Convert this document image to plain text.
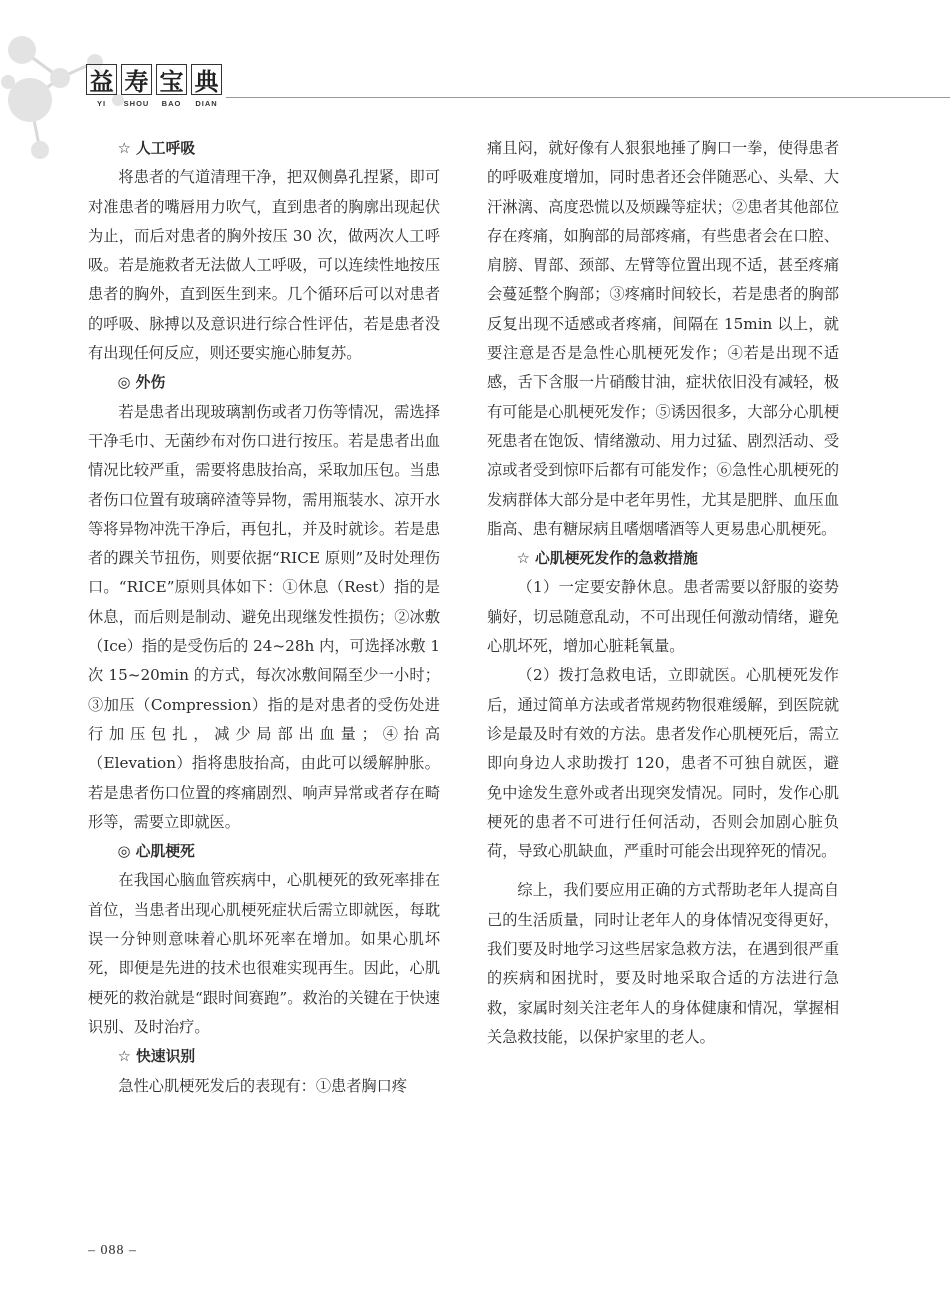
益 寿 宝 典
YI	SHOU	BAO	DIAN
☆ 人工呼吸

将患者的气道清理干净，把双侧鼻孔捏紧，即可对准患者的嘴唇用力吹气，直到患者的胸廓出现起伏为止，而后对患者的胸外按压 30 次，做两次人工呼吸。若是施救者无法做人工呼吸，可以连续性地按压患者的胸外，直到医生到来。几个循环后可以对患者的呼吸、脉搏以及意识进行综合性评估，若是患者没有出现任何反应，则还要实施心肺复苏。

◎ 外伤

若是患者出现玻璃割伤或者刀伤等情况，需选择干净毛巾、无菌纱布对伤口进行按压。若是患者出血情况比较严重，需要将患肢抬高，采取加压包。当患者伤口位置有玻璃碎渣等异物，需用瓶装水、凉开水等将异物冲洗干净后，再包扎，并及时就诊。若是患者的踝关节扭伤，则要依据“RICE 原则”及时处理伤口。“RICE”原则具体如下：①休息（Rest）指的是休息，而后则是制动、避免出现继发性损伤；②冰敷（Ice）指的是受伤后的 24~28h 内，可选择冰敷 1 次 15~20min 的方式，每次冰敷间隔至少一小时；③加压（Compression）指的是对患者的受伤处进行加压包扎，减少局部出血量；④抬高（Elevation）指将患肢抬高，由此可以缓解肿胀。若是患者伤口位置的疼痛剧烈、响声异常或者存在畸形等，需要立即就医。

◎ 心肌梗死

在我国心脑血管疾病中，心肌梗死的致死率排在首位，当患者出现心肌梗死症状后需立即就医，每耽误一分钟则意味着心肌坏死率在增加。如果心肌坏死，即便是先进的技术也很难实现再生。因此，心肌梗死的救治就是“跟时间赛跑”。救治的关键在于快速识别、及时治疗。

☆ 快速识别

急性心肌梗死发后的表现有：①患者胸口疼

痛且闷，就好像有人狠狠地捶了胸口一拳，使得患者的呼吸难度增加，同时患者还会伴随恶心、头晕、大汗淋漓、高度恐慌以及烦躁等症状；②患者其他部位存在疼痛，如胸部的局部疼痛，有些患者会在口腔、肩膀、胃部、颈部、左臂等位置出现不适，甚至疼痛会蔓延整个胸部；③疼痛时间较长，若是患者的胸部反复出现不适感或者疼痛，间隔在 15min 以上，就要注意是否是急性心肌梗死发作；④若是出现不适感，舌下含服一片硝酸甘油，症状依旧没有减轻，极有可能是心肌梗死发作；⑤诱因很多，大部分心肌梗死患者在饱饭、情绪激动、用力过猛、剧烈活动、受凉或者受到惊吓后都有可能发作；⑥急性心肌梗死的发病群体大部分是中老年男性，尤其是肥胖、血压血脂高、患有糖尿病且嗜烟嗜酒等人更易患心肌梗死。

☆ 心肌梗死发作的急救措施

（1）一定要安静休息。患者需要以舒服的姿势躺好，切忌随意乱动，不可出现任何激动情绪，避免心肌坏死，增加心脏耗氧量。

（2）拨打急救电话，立即就医。心肌梗死发作后，通过简单方法或者常规药物很难缓解，到医院就诊是最及时有效的方法。患者发作心肌梗死后，需立即向身边人求助拨打 120，患者不可独自就医，避免中途发生意外或者出现突发情况。同时，发作心肌梗死的患者不可进行任何活动，否则会加剧心脏负荷，导致心肌缺血，严重时可能会出现猝死的情况。

综上，我们要应用正确的方式帮助老年人提高自己的生活质量，同时让老年人的身体情况变得更好，我们要及时地学习这些居家急救方法，在遇到很严重的疾病和困扰时，要及时地采取合适的方法进行急救，家属时刻关注老年人的身体健康和情况，掌握相关急救技能，以保护家里的老人。

– 088 –
